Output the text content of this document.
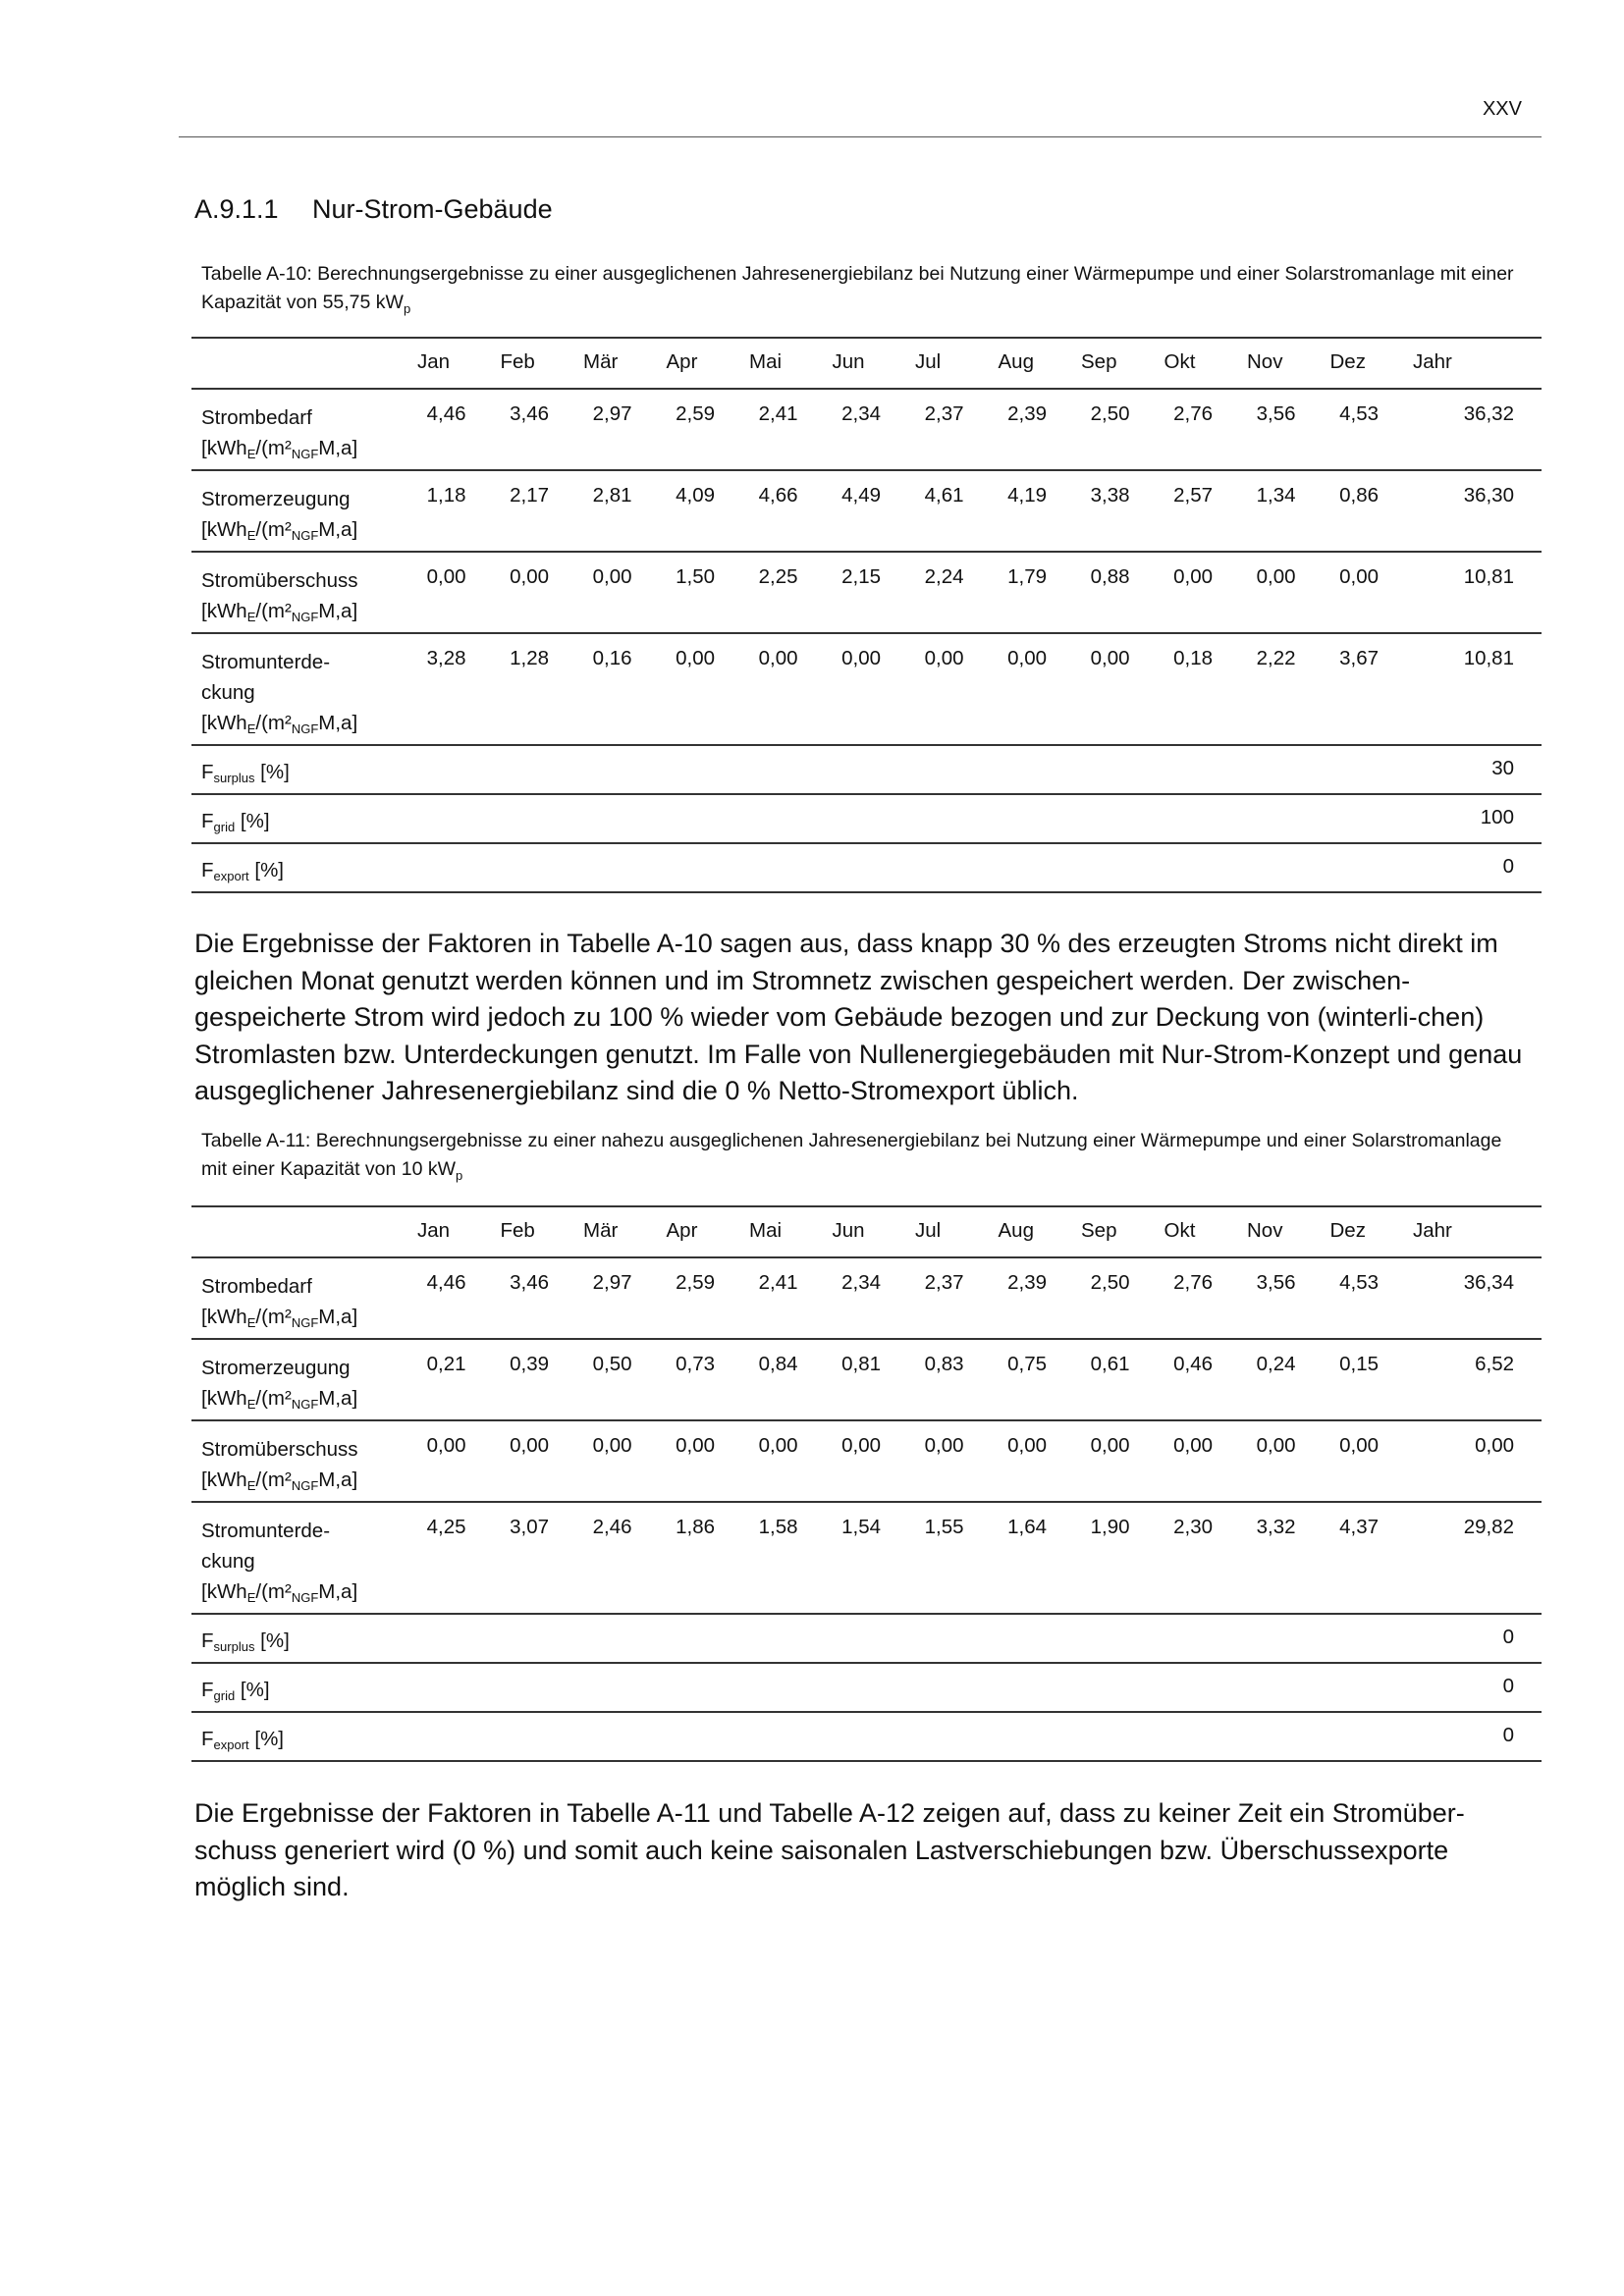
XXV
A.9.1.1 Nur-Strom-Gebäude

Tabelle A-10: Berechnungsergebnisse zu einer ausgeglichenen Jahresenergiebilanz bei Nutzung einer Wärmepumpe und einer Solarstromanlage mit einer Kapazität von 55,75 $kW_p$

	Jan	Feb	Mär	Apr	Mai	Jun	Jul	Aug	Sep	Okt	Nov	Dez	Jahr
Strombedarf
[$kWh_E/(m^2_{NGF}M,a]$	4,46	3,46	2,97	2,59	2,41	2,34	2,37	2,39	2,50	2,76	3,56	4,53	36,32
Stromerzeugung
[$kWh_E/(m^2_{NGF}M,a]$	1,18	2,17	2,81	4,09	4,66	4,49	4,61	4,19	3,38	2,57	1,34	0,86	36,30
Stromüberschuss
[$kWh_E/(m^2_{NGF}M,a]$	0,00	0,00	0,00	1,50	2,25	2,15	2,24	1,79	0,88	0,00	0,00	0,00	10,81
Stromunterde-
ckung
[$kWh_E/(m^2_{NGF}M,a]$	3,28	1,28	0,16	0,00	0,00	0,00	0,00	0,00	0,00	0,18	2,22	3,67	10,81
$F_{surplus}$ [%]													30
$F_{grid}$ [%]													100
$F_{export}$ [%]													0

Die Ergebnisse der Faktoren in Tabelle A-10 sagen aus, dass knapp 30 % des erzeugten Stroms nicht direkt im gleichen Monat genutzt werden können und im Stromnetz zwischen gespeichert werden. Der zwischen-gespeicherte Strom wird jedoch zu 100 % wieder vom Gebäude bezogen und zur Deckung von (winterli-chen) Stromlasten bzw. Unterdeckungen genutzt. Im Falle von Nullenergiegebäuden mit Nur-Strom-Konzept und genau ausgeglichener Jahresenergiebilanz sind die 0 % Netto-Stromexport üblich.

Tabelle A-11: Berechnungsergebnisse zu einer nahezu ausgeglichenen Jahresenergiebilanz bei Nutzung einer Wärmepumpe und einer Solarstromanlage mit einer Kapazität von 10 $kW_p$

	Jan	Feb	Mär	Apr	Mai	Jun	Jul	Aug	Sep	Okt	Nov	Dez	Jahr
Strombedarf
[$kWh_E/(m^2_{NGF}M,a]$	4,46	3,46	2,97	2,59	2,41	2,34	2,37	2,39	2,50	2,76	3,56	4,53	36,34
Stromerzeugung
[$kWh_E/(m^2_{NGF}M,a]$	0,21	0,39	0,50	0,73	0,84	0,81	0,83	0,75	0,61	0,46	0,24	0,15	6,52
Stromüberschuss
[$kWh_E/(m^2_{NGF}M,a]$	0,00	0,00	0,00	0,00	0,00	0,00	0,00	0,00	0,00	0,00	0,00	0,00	0,00
Stromunterde-
ckung
[$kWh_E/(m^2_{NGF}M,a]$	4,25	3,07	2,46	1,86	1,58	1,54	1,55	1,64	1,90	2,30	3,32	4,37	29,82
$F_{surplus}$ [%]													0
$F_{grid}$ [%]													0
$F_{export}$ [%]													0

Die Ergebnisse der Faktoren in Tabelle A-11 und Tabelle A-12 zeigen auf, dass zu keiner Zeit ein Stromüber-schuss generiert wird (0 %) und somit auch keine saisonalen Lastverschiebungen bzw. Überschussexporte möglich sind.
